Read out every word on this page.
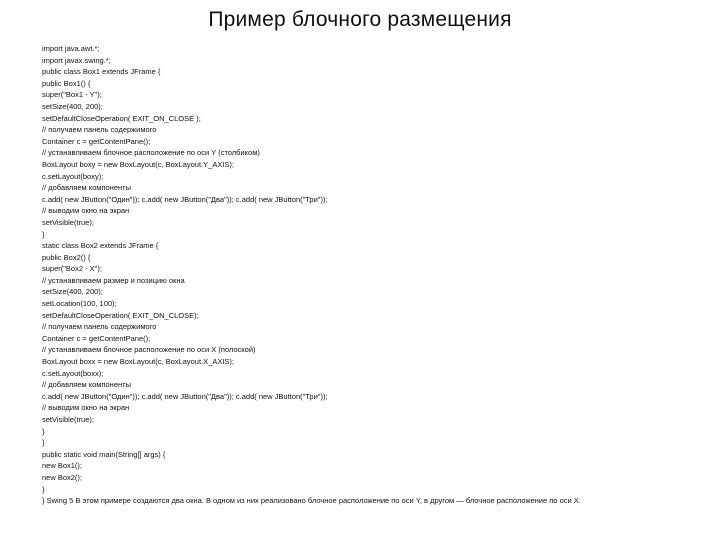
Пример блочного размещения
import java.awt.*;
import javax.swing.*;
public class Box1 extends JFrame {
public Box1() {
super("Box1 - Y");
setSize(400, 200);
setDefaultCloseOperation( EXIT_ON_CLOSE );
// получаем панель содержимого
Container c = getContentPane();
// устанавливаем блочное расположение по оси Y (столбиком)
BoxLayout boxy = new BoxLayout(c, BoxLayout.Y_AXIS);
c.setLayout(boxy);
// добавляем компоненты
c.add( new JButton("Один")); c.add( new JButton("Два")); c.add( new JButton("Три"));
// выводим окно на экран
setVisible(true);
}
static class Box2 extends JFrame {
public Box2() {
super("Box2 - X");
// устанавливаем размер и позицию окна
setSize(400, 200);
setLocation(100, 100);
setDefaultCloseOperation( EXIT_ON_CLOSE);
// получаем панель содержимого
Container c = getContentPane();
// устанавливаем блочное расположение по оси X (полоской)
BoxLayout boxx = new BoxLayout(c, BoxLayout.X_AXIS);
c.setLayout(boxx);
// добавляем компоненты
c.add( new JButton("Один")); c.add( new JButton("Два")); c.add( new JButton("Три"));
// выводим окно на экран
setVisible(true);
}
}
public static void main(String[] args) {
new Box1();
new Box2();
}
} Swing 5 В этом примере создаются два окна. В одном из них реализовано блочное расположение по оси Y, в другом — блочное расположение по оси X.
